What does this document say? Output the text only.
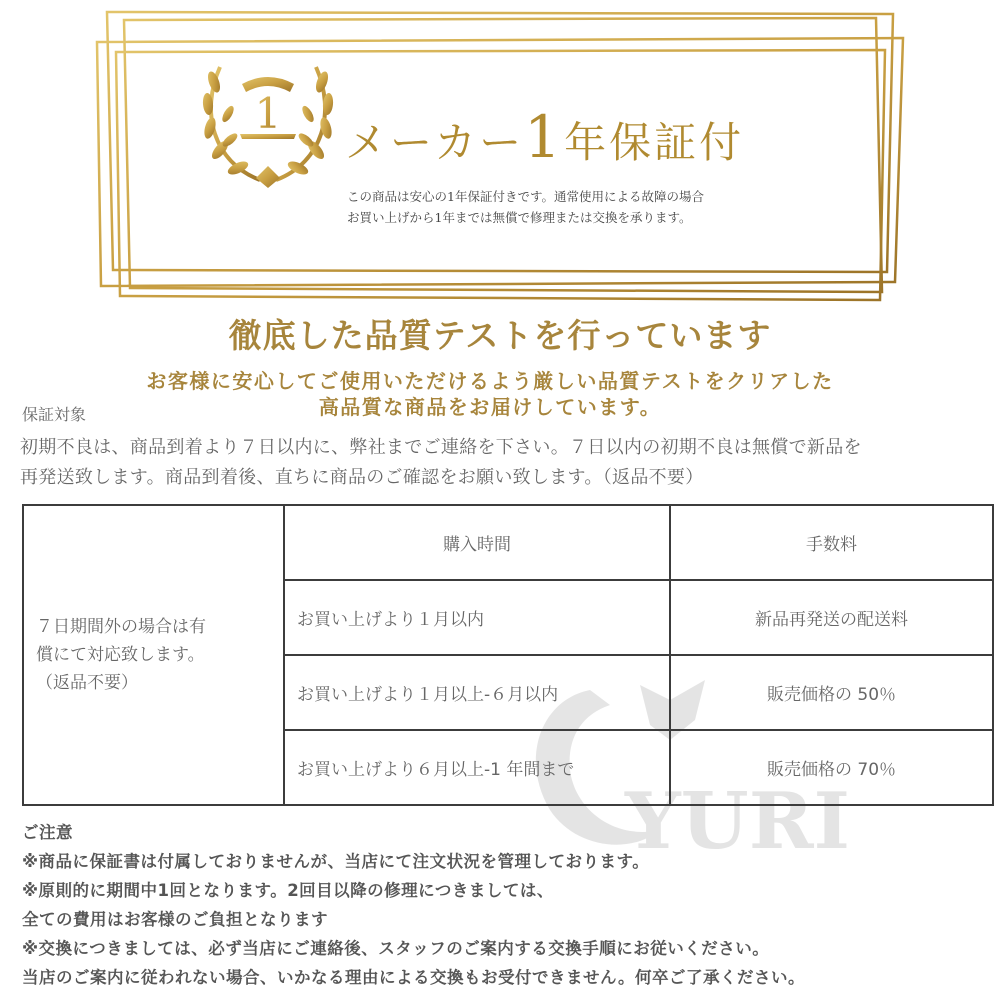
1
メーカー1年保証付
この商品は安心の1年保証付きです。通常使用による故障の場合
お買い上げから1年までは無償で修理または交換を承ります。
徹底した品質テストを行っています
お客様に安心してご使用いただけるよう厳しい品質テストをクリアした
高品質な商品をお届けしています。
保証対象
初期不良は、商品到着より７日以内に、弊社までご連絡を下さい。７日以内の初期不良は無償で新品を
再発送致します。商品到着後、直ちに商品のご確認をお願い致します。（返品不要）
YURI
７日期間外の場合は有
償にて対応致します。
（返品不要）	購入時間	手数料
	お買い上げより１月以内	新品再発送の配送料
	お買い上げより１月以上-６月以内	販売価格の 50％
	お買い上げより６月以上-1 年間まで	販売価格の 70％
ご注意
※商品に保証書は付属しておりませんが、当店にて注文状況を管理しております。
※原則的に期間中1回となります。2回目以降の修理につきましては、
全ての費用はお客様のご負担となります
※交換につきましては、必ず当店にご連絡後、スタッフのご案内する交換手順にお従いください。
当店のご案内に従われない場合、いかなる理由による交換もお受付できません。何卒ご了承ください。
